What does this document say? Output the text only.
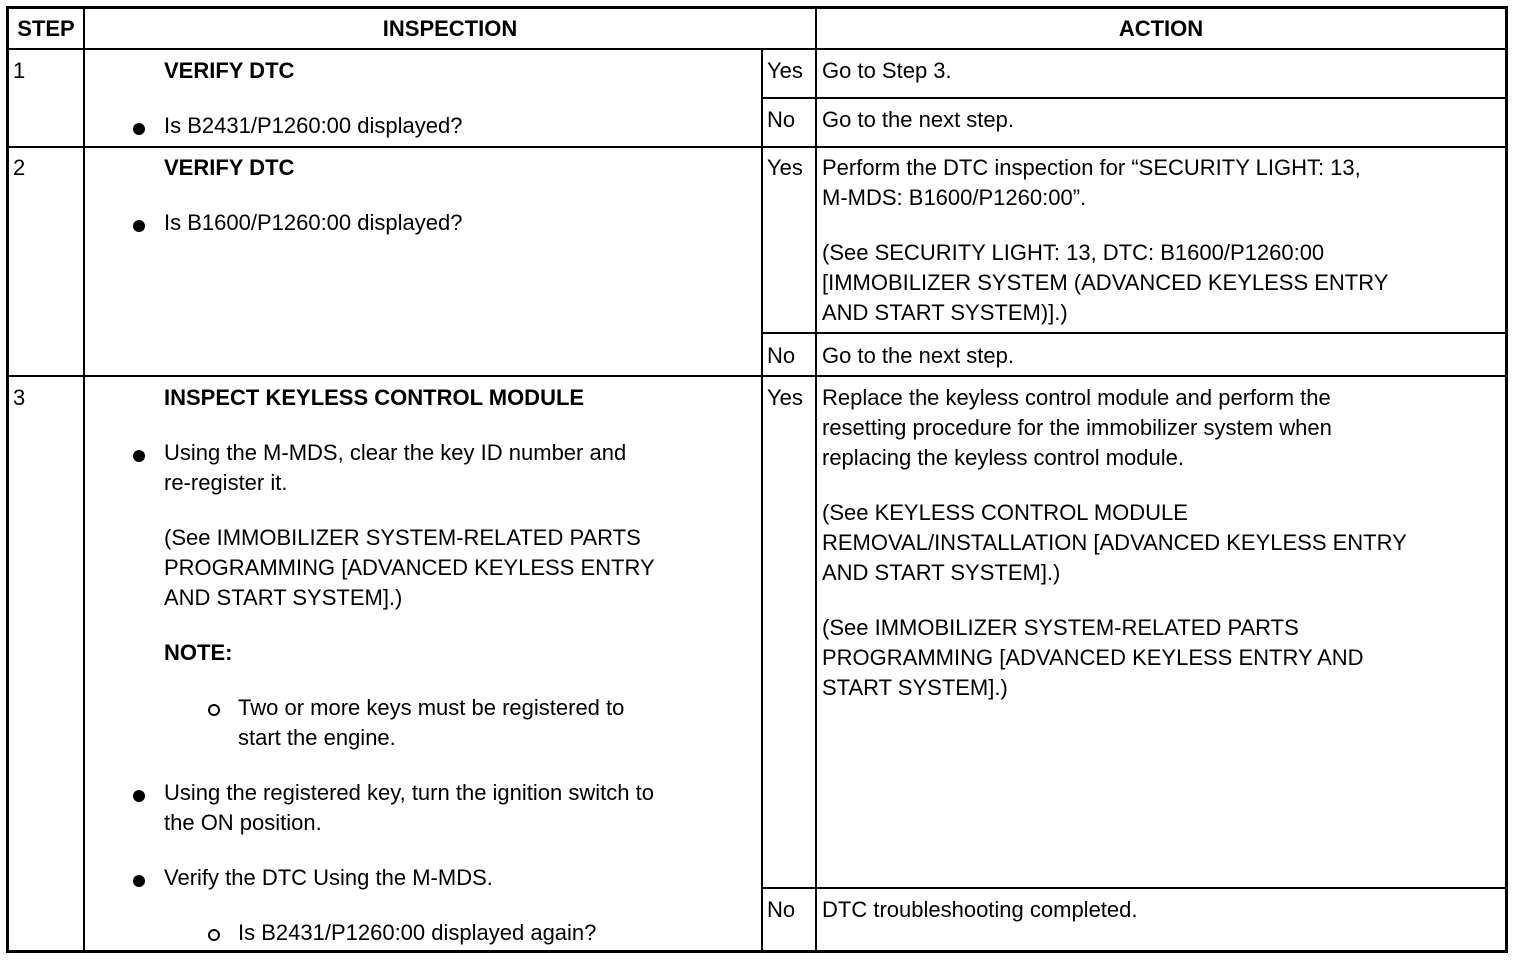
STEP	INSPECTION	ACTION
1	VERIFY DTC
Is B2431/P1260:00 displayed?
Yes Go to Step 3.
No Go to the next step.
2	VERIFY DTC
Is B1600/P1260:00 displayed?
Yes Perform the DTC inspection for “SECURITY LIGHT: 13,
M-MDS: B1600/P1260:00”.
(See SECURITY LIGHT: 13, DTC: B1600/P1260:00
[IMMOBILIZER SYSTEM (ADVANCED KEYLESS ENTRY
AND START SYSTEM)].)
No Go to the next step.
3	INSPECT KEYLESS CONTROL MODULE
Using the M-MDS, clear the key ID number and
re-register it.
(See IMMOBILIZER SYSTEM-RELATED PARTS
PROGRAMMING [ADVANCED KEYLESS ENTRY
AND START SYSTEM].)
NOTE:
Two or more keys must be registered to
start the engine.
Using the registered key, turn the ignition switch to
the ON position.
Verify the DTC Using the M-MDS.
Is B2431/P1260:00 displayed again?
Yes Replace the keyless control module and perform the
resetting procedure for the immobilizer system when
replacing the keyless control module.
(See KEYLESS CONTROL MODULE
REMOVAL/INSTALLATION [ADVANCED KEYLESS ENTRY
AND START SYSTEM].)
(See IMMOBILIZER SYSTEM-RELATED PARTS
PROGRAMMING [ADVANCED KEYLESS ENTRY AND
START SYSTEM].)
No DTC troubleshooting completed.
